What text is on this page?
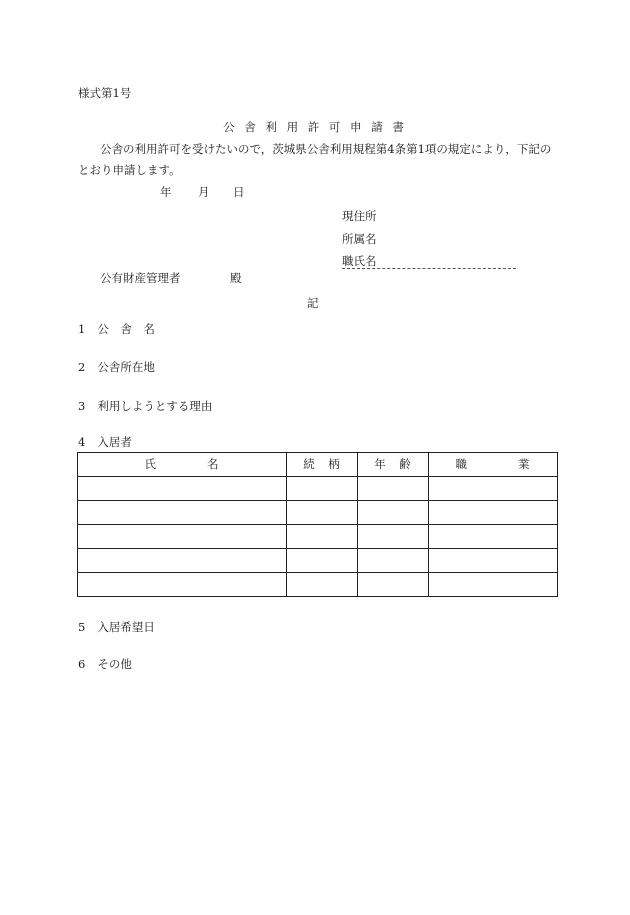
様式第1号
公 舎 利 用 許 可 申 請 書
公舎の利用許可を受けたいので，茨城県公舎利用規程第4条第1項の規定により，下記のとおり申請します。
年 月 日
現住所
所属名
職氏名
公有財産管理者	殿
記
1 公　舎　名
2 公舎所在地
3 利用しようとする理由
4 入居者
氏　　　　名	続　柄	年　齢	職　　　　業

5 入居希望日
6 その他
